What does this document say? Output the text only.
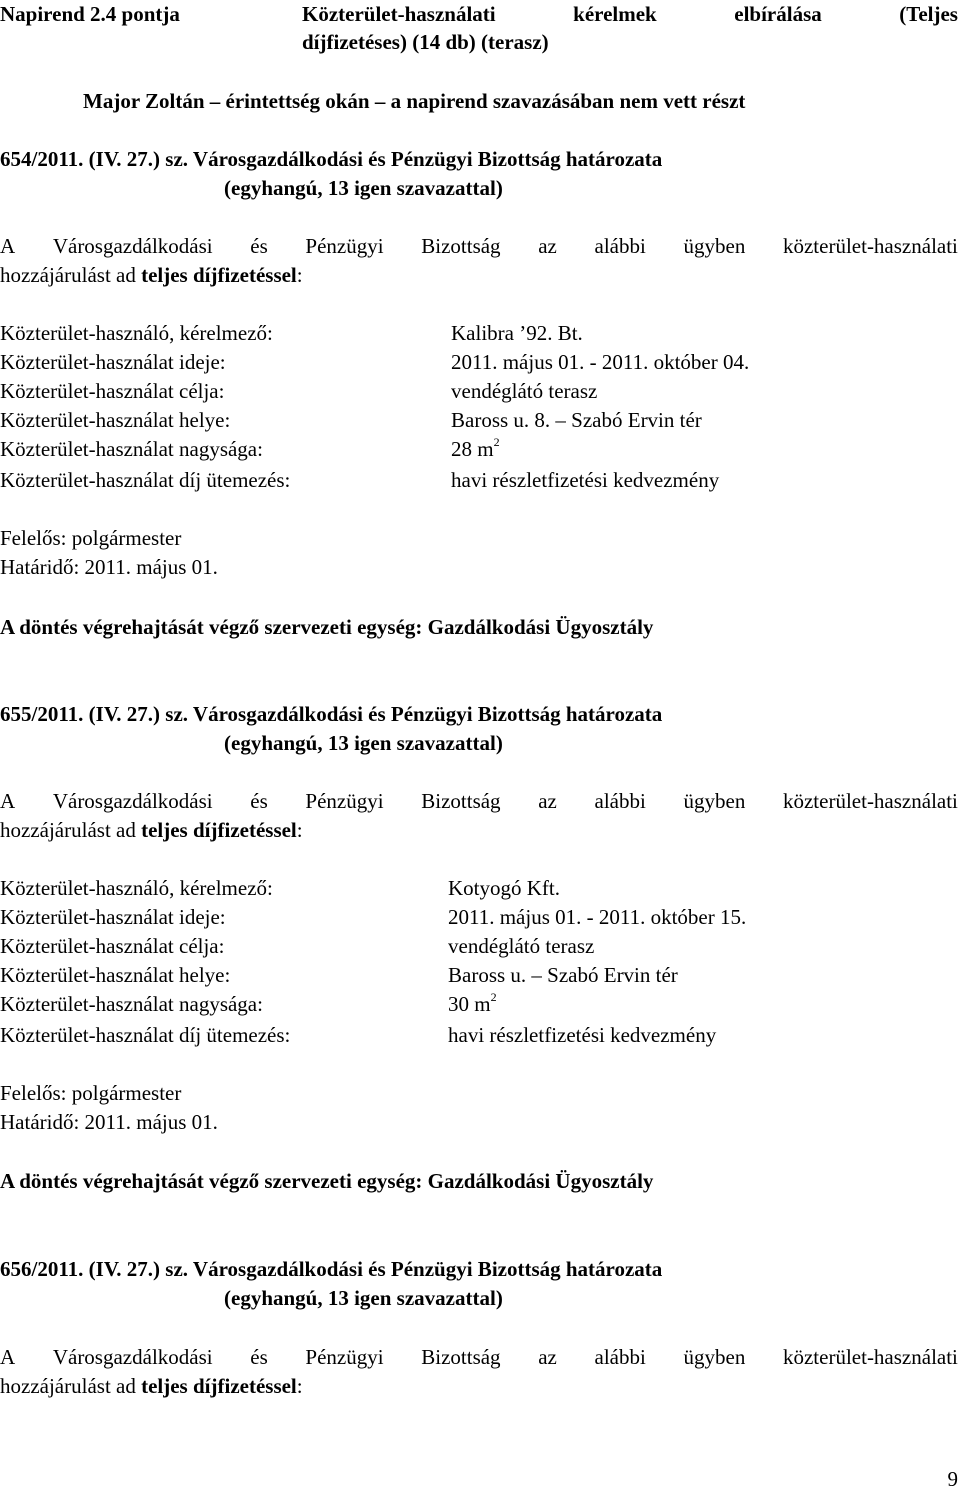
Napirend 2.4 pontja	Közterület-használati	kérelmek	elbírálása	(Teljes
díjfizetéses) (14 db) (terasz)
Major Zoltán – érintettség okán – a napirend szavazásában nem vett részt
654/2011. (IV. 27.) sz. Városgazdálkodási és Pénzügyi Bizottság határozata
(egyhangú, 13 igen szavazattal)
A Városgazdálkodási és Pénzügyi Bizottság az alábbi ügyben közterület-használati
hozzájárulást ad teljes díjfizetéssel:
Közterület-használó, kérelmező:	Kalibra ’92. Bt.
Közterület-használat ideje:	2011. május 01. - 2011. október 04.
Közterület-használat célja:	vendéglátó terasz
Közterület-használat helye:	Baross u. 8. – Szabó Ervin tér
Közterület-használat nagysága:	28 $m^2$
Közterület-használat díj ütemezés:	havi részletfizetési kedvezmény
Felelős: polgármester
Határidő: 2011. május 01.
A döntés végrehajtását végző szervezeti egység: Gazdálkodási Ügyosztály
655/2011. (IV. 27.) sz. Városgazdálkodási és Pénzügyi Bizottság határozata
(egyhangú, 13 igen szavazattal)
A Városgazdálkodási és Pénzügyi Bizottság az alábbi ügyben közterület-használati
hozzájárulást ad teljes díjfizetéssel:
Közterület-használó, kérelmező:	Kotyogó Kft.
Közterület-használat ideje:	2011. május 01. - 2011. október 15.
Közterület-használat célja:	vendéglátó terasz
Közterület-használat helye:	Baross u. – Szabó Ervin tér
Közterület-használat nagysága:	30 $m^2$
Közterület-használat díj ütemezés:	havi részletfizetési kedvezmény
Felelős: polgármester
Határidő: 2011. május 01.
A döntés végrehajtását végző szervezeti egység: Gazdálkodási Ügyosztály
656/2011. (IV. 27.) sz. Városgazdálkodási és Pénzügyi Bizottság határozata
(egyhangú, 13 igen szavazattal)
A Városgazdálkodási és Pénzügyi Bizottság az alábbi ügyben közterület-használati
hozzájárulást ad teljes díjfizetéssel:
9
